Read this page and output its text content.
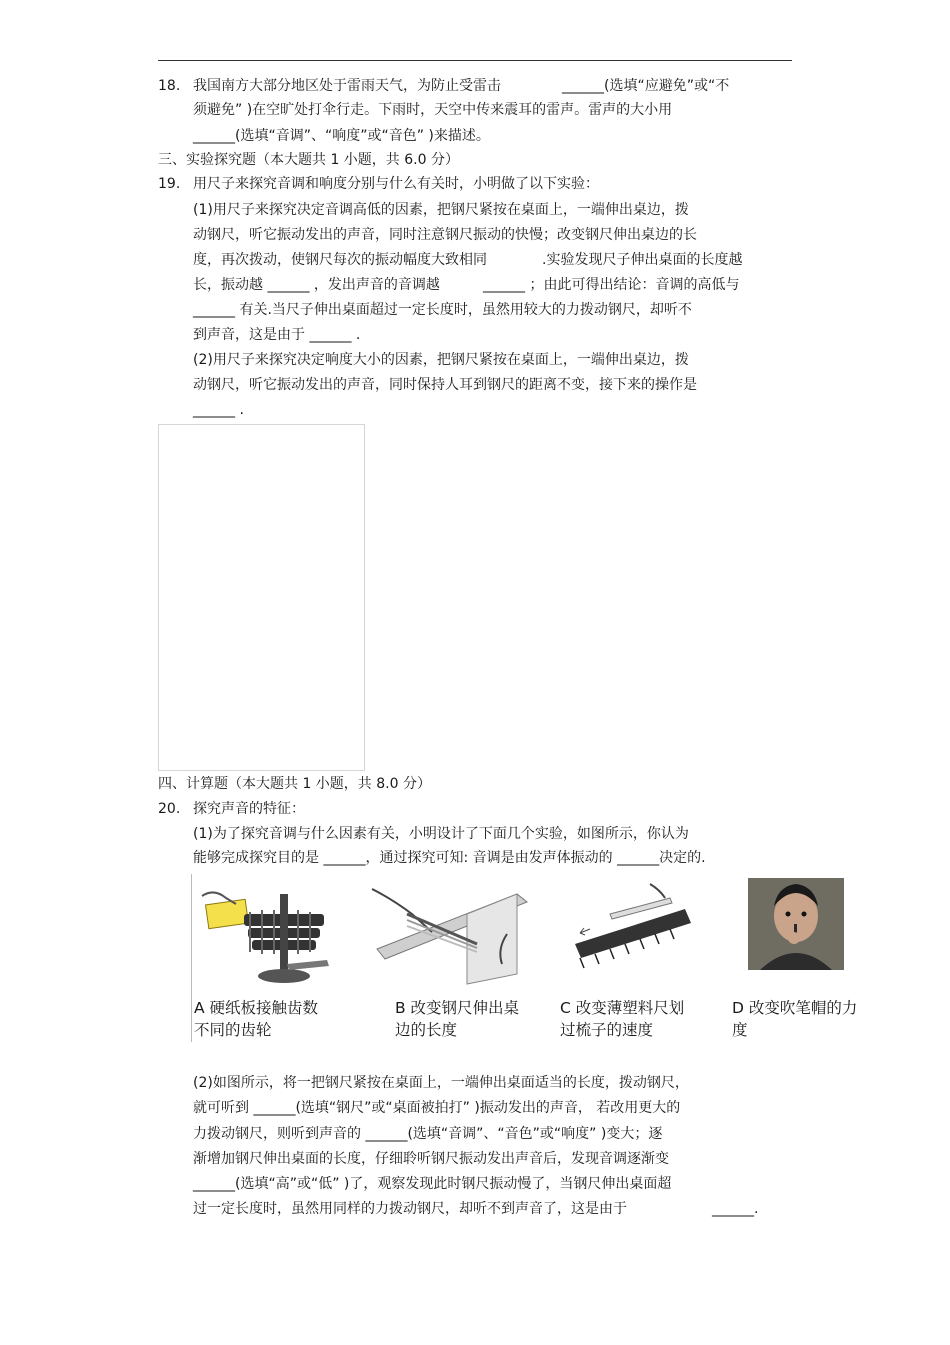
18. 我国南方大部分地区处于雷雨天气，为防止受雷击	______(选填“应避免”或“不
须避免” )在空旷处打伞行走。下雨时，天空中传来震耳的雷声。雷声的大小用
______(选填“音调”、“响度”或“音色” )来描述。
三、实验探究题（本大题共 1 小题，共 6.0 分）
19. 用尺子来探究音调和响度分别与什么有关时，小明做了以下实验：
(1)用尺子来探究决定音调高低的因素，把钢尺紧按在桌面上，一端伸出桌边，拨
动钢尺，听它振动发出的声音，同时注意钢尺振动的快慢；改变钢尺伸出桌边的长
度，再次拨动，使钢尺每次的振动幅度大致相同	.实验发现尺子伸出桌面的长度越
长，振动越 ______ ，发出声音的音调越	______ ；由此可得出结论：音调的高低与
______ 有关.当尺子伸出桌面超过一定长度时，虽然用较大的力拨动钢尺，却听不
到声音，这是由于 ______ .
(2)用尺子来探究决定响度大小的因素，把钢尺紧按在桌面上，一端伸出桌边，拨
动钢尺，听它振动发出的声音，同时保持人耳到钢尺的距离不变，接下来的操作是
______ .
四、计算题（本大题共 1 小题，共 8.0 分）
20. 探究声音的特征：
(1)为了探究音调与什么因素有关，小明设计了下面几个实验，如图所示，你认为
能够完成探究目的是 ______，通过探究可知: 音调是由发声体振动的 ______决定的.
A 硬纸板接触齿数
不同的齿轮
B 改变钢尺伸出桌
边的长度
C 改变薄塑料尺划
过梳子的速度
D 改变吹笔帽的力
度
(2)如图所示，将一把钢尺紧按在桌面上，一端伸出桌面适当的长度，拨动钢尺，
就可听到 ______(选填“钢尺”或“桌面被拍打” )振动发出的声音， 若改用更大的
力拨动钢尺，则听到声音的 ______(选填“音调”、“音色”或“响度” )变大；逐
渐增加钢尺伸出桌面的长度，仔细聆听钢尺振动发出声音后，发现音调逐渐变
______(选填“高”或“低” )了，观察发现此时钢尺振动慢了，当钢尺伸出桌面超
过一定长度时，虽然用同样的力拨动钢尺，却听不到声音了，这是由于	______.
